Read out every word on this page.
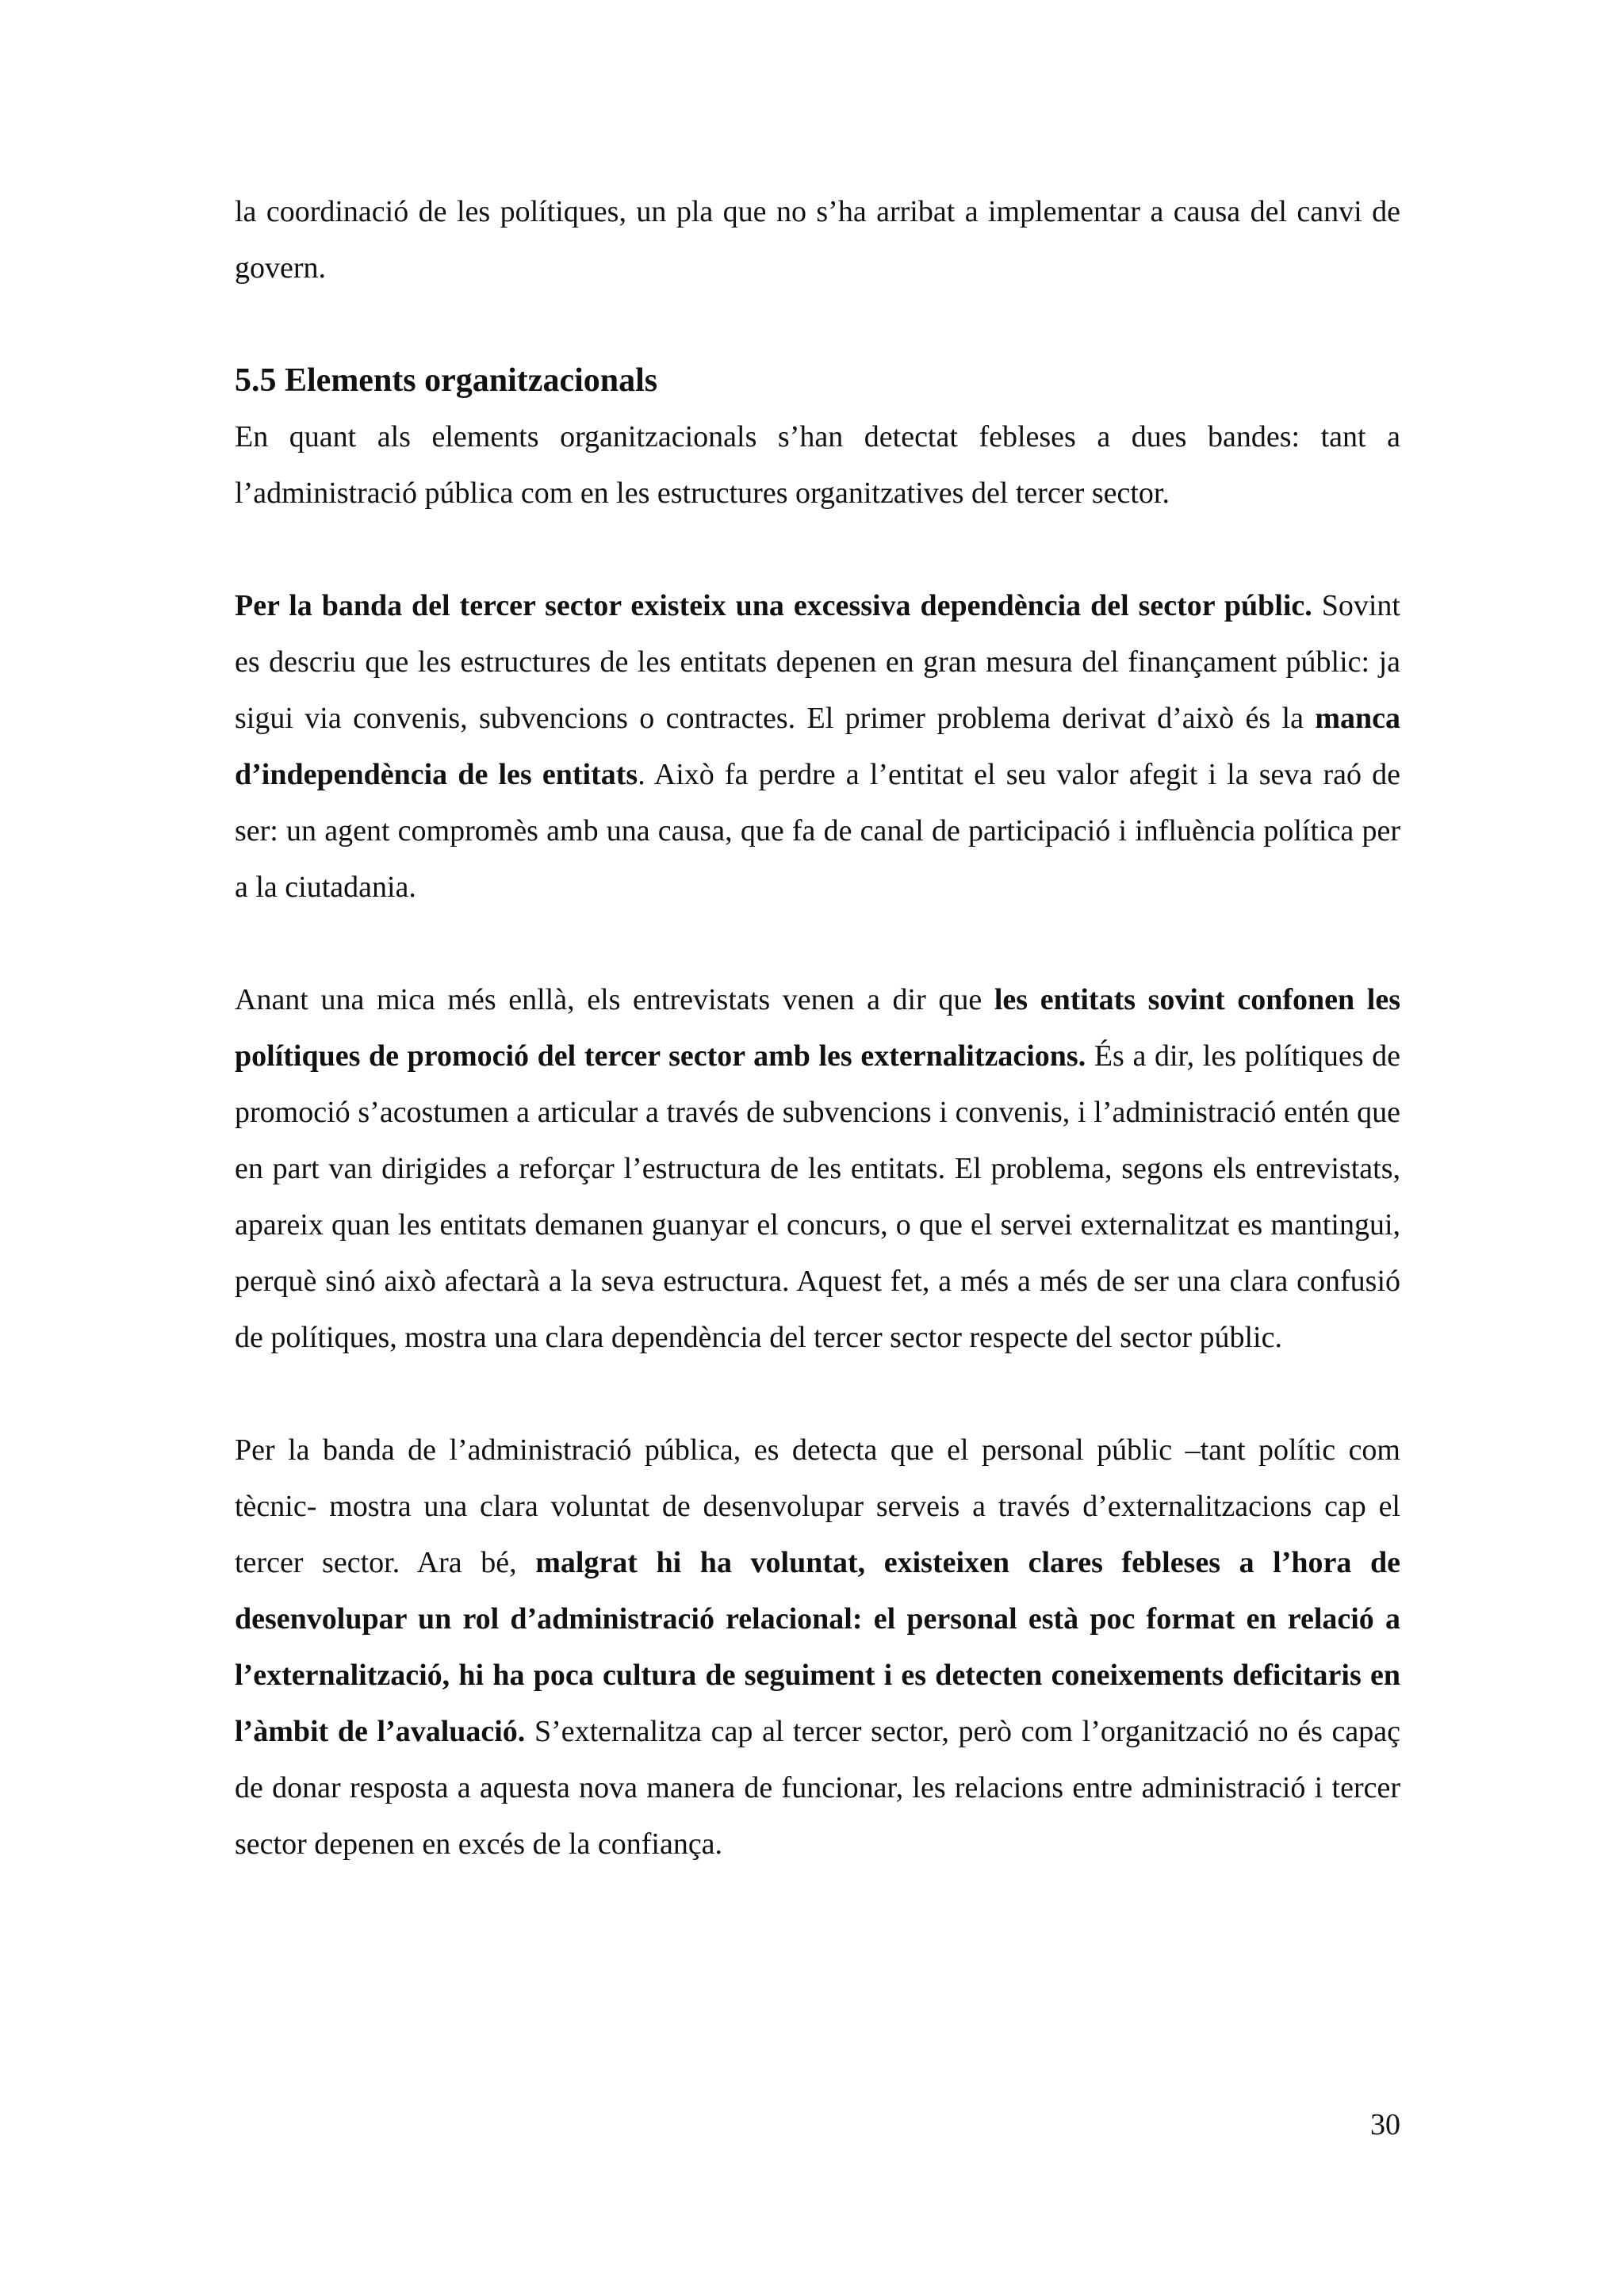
la coordinació de les polítiques, un pla que no s’ha arribat a implementar a causa del canvi de govern.

5.5 Elements organitzacionals

En quant als elements organitzacionals s’han detectat febleses a dues bandes: tant a l’administració pública com en les estructures organitzatives del tercer sector.

Per la banda del tercer sector existeix una excessiva dependència del sector públic. Sovint es descriu que les estructures de les entitats depenen en gran mesura del finançament públic: ja sigui via convenis, subvencions o contractes. El primer problema derivat d’això és la manca d’independència de les entitats. Això fa perdre a l’entitat el seu valor afegit i la seva raó de ser: un agent compromès amb una causa, que fa de canal de participació i influència política per a la ciutadania.

Anant una mica més enllà, els entrevistats venen a dir que les entitats sovint confonen les polítiques de promoció del tercer sector amb les externalitzacions. És a dir, les polítiques de promoció s’acostumen a articular a través de subvencions i convenis, i l’administració entén que en part van dirigides a reforçar l’estructura de les entitats. El problema, segons els entrevistats, apareix quan les entitats demanen guanyar el concurs, o que el servei externalitzat es mantingui, perquè sinó això afectarà a la seva estructura. Aquest fet, a més a més de ser una clara confusió de polítiques, mostra una clara dependència del tercer sector respecte del sector públic.

Per la banda de l’administració pública, es detecta que el personal públic –tant polític com tècnic- mostra una clara voluntat de desenvolupar serveis a través d’externalitzacions cap el tercer sector. Ara bé, malgrat hi ha voluntat, existeixen clares febleses a l’hora de desenvolupar un rol d’administració relacional: el personal està poc format en relació a l’externalització, hi ha poca cultura de seguiment i es detecten coneixements deficitaris en l’àmbit de l’avaluació. S’externalitza cap al tercer sector, però com l’organització no és capaç de donar resposta a aquesta nova manera de funcionar, les relacions entre administració i tercer sector depenen en excés de la confiança.

30
